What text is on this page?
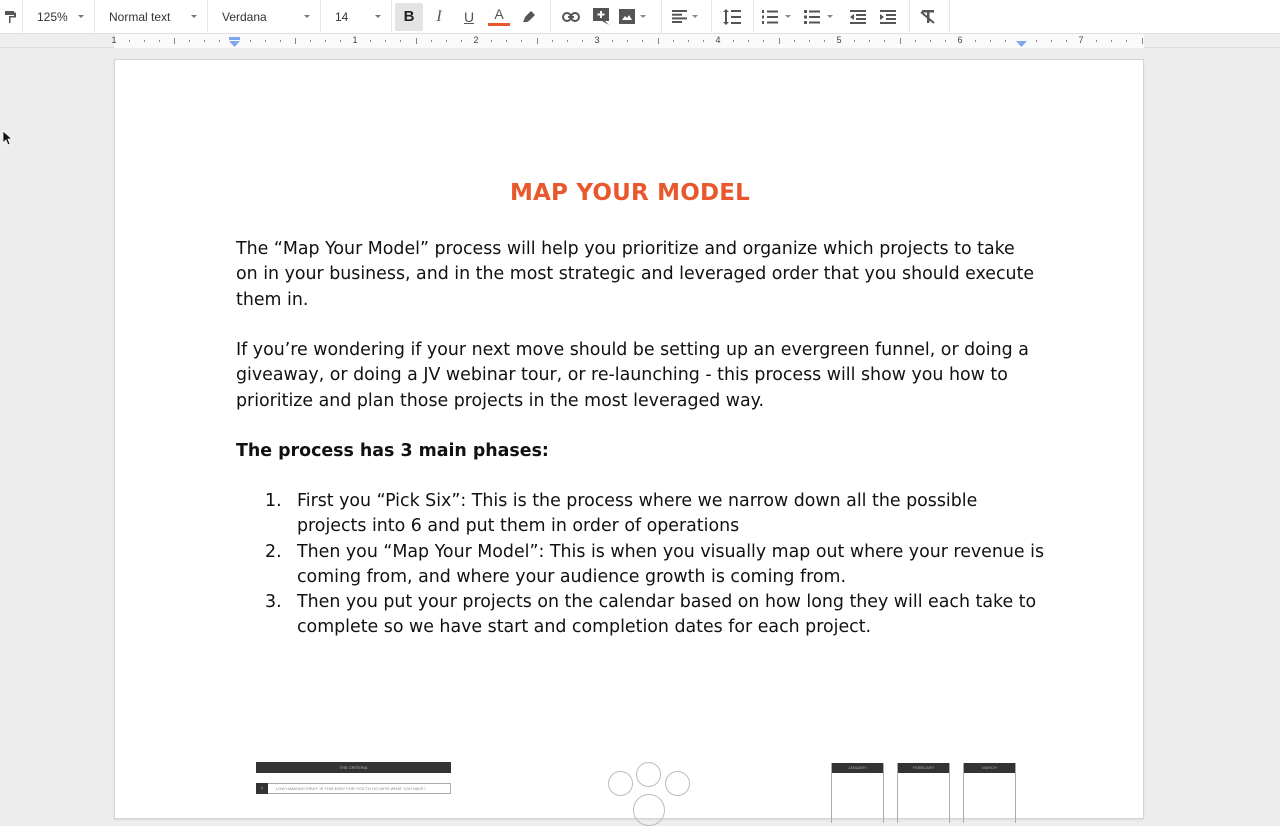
125%	Normal text	Verdana	14	B I U A
1	1	2	3	4	5	6	7
MAP YOUR MODEL

The “Map Your Model” process will help you prioritize and organize which projects to take on in your business, and in the most strategic and leveraged order that you should execute them in.

If you’re wondering if your next move should be setting up an evergreen funnel, or doing a giveaway, or doing a JV webinar tour, or re-launching - this process will show you how to prioritize and plan those projects in the most leveraged way.

The process has 3 main phases:

1. First you “Pick Six”: This is the process where we narrow down all the possible projects into 6 and put them in order of operations
2. Then you “Map Your Model”: This is when you visually map out where your revenue is coming from, and where your audience growth is coming from.
3. Then you put your projects on the calendar based on how long they will each take to complete so we have start and completion dates for each project.
THE CRITERIA
1	LOW HANGING FRUIT: IS THIS EASY FOR YOU TO DO WITH WHAT YOU HAVE?
JANUARY	FEBRUARY	MARCH
